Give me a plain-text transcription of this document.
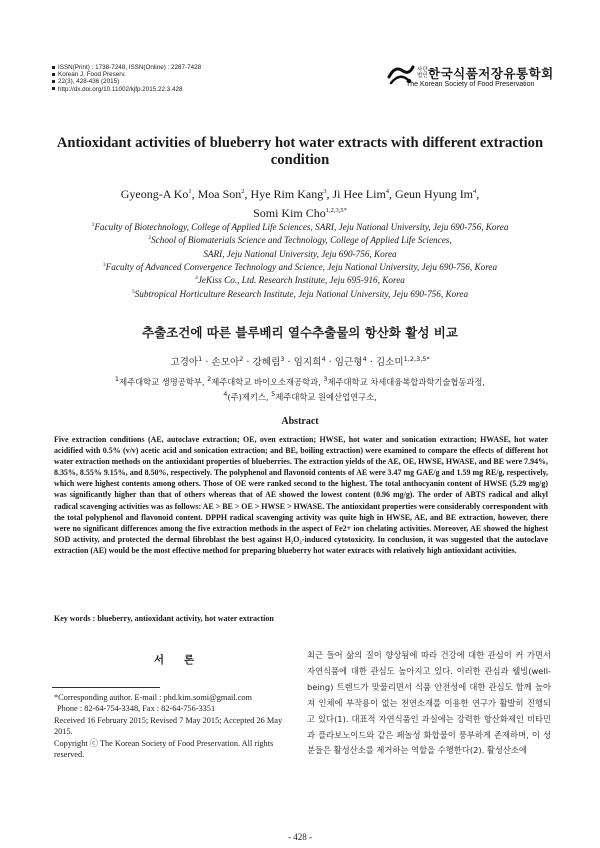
ISSN(Print) : 1738-7248, ISSN(Online) : 2287-7428
Korean J. Food Preserv.
22(3), 428-436 (2015)
http://dx.doi.org/10.11002/kjfp.2015.22.3.428
사단 법인 한국식품저장유통학회
The Korean Society of Food Preservation
Antioxidant activities of blueberry hot water extracts with different extraction condition
Gyeong-A Ko$^1$, Moa Son$^2$, Hye Rim Kang$^3$, Ji Hee Lim$^4$, Geun Hyung Im$^4$,
Somi Kim Cho$^{1,2,3,5*}$
$^1$Faculty of Biotechnology, College of Applied Life Sciences, SARI, Jeju National University, Jeju 690-756, Korea
$^2$School of Biomaterials Science and Technology, College of Applied Life Sciences,
SARI, Jeju National University, Jeju 690-756, Korea
$^3$Faculty of Advanced Convergence Technology and Science, Jeju National University, Jeju 690-756, Korea
$^4$JeKiss Co., Ltd. Research Institute, Jeju 695-916, Korea
$^5$Subtropical Horticulture Research Institute, Jeju National University, Jeju 690-756, Korea
추출조건에 따른 블루베리 열수추출물의 항산화 활성 비교
고경아$^1$ · 손모아$^2$ · 강혜림$^3$ · 임지희$^4$ · 임근형$^4$ · 김소미$^{1,2,3,5*}$
$^1$제주대학교 생명공학부, $^2$제주대학교 바이오소재공학과, $^3$제주대학교 차세대융복합과학기술협동과정,
$^4$(주)제키스, $^5$제주대학교 원예산업연구소,
Abstract

Five extraction conditions (AE, autoclave extraction; OE, oven extraction; HWSE, hot water and sonication extraction; HWASE, hot water acidified with 0.5% (v/v) acetic acid and sonication extraction; and BE, boiling extraction) were examined to compare the effects of different hot water extraction methods on the antioxidant properties of blueberries. The extraction yields of the AE, OE, HWSE, HWASE, and BE were 7.94%, 8.35%, 8.55% 9.15%, and 8.50%, respectively. The polyphenol and flavonoid contents of AE were 3.47 mg GAE/g and 1.59 mg RE/g, respectively, which were highest contents among others. Those of OE were ranked second to the highest. The total anthocyanin content of HWSE (5.29 mg/g) was significantly higher than that of others whereas that of AE showed the lowest content (0.96 mg/g). The order of ABTS radical and alkyl radical scavenging activities was as follows: AE > BE > OE > HWSE > HWASE. The antioxidant properties were considerably correspondent with the total polyphenol and flavonoid content. DPPH radical scavenging activity was quite high in HWSE, AE, and BE extraction, however, there were no significant differences among the five extraction methods in the aspect of Fe2+ ion chelating activities. Moreover, AE showed the highest SOD activity, and protected the dermal fibroblast the best against H₂O₂-induced cytotoxicity. In conclusion, it was suggested that the autoclave extraction (AE) would be the most effective method for preparing blueberry hot water extracts with relatively high antioxidant activities.

Key words : blueberry, antioxidant activity, hot water extraction
서론
*Corresponding author. E-mail : phd.kim.somi@gmail.com
Phone : 82-64-754-3348, Fax : 82-64-756-3351
Received 16 February 2015; Revised 7 May 2015; Accepted 26 May 2015.
Copyright ⓒ The Korean Society of Food Preservation. All rights reserved.

최근 들어 삶의 질이 향상됨에 따라 건강에 대한 관심이 커 가면서 자연식품에 대한 관심도 높아지고 있다. 이러한 관심과 웰빙(well-being) 트렌드가 맞물리면서 식품 안전성에 대한 관심도 함께 높아져 인체에 부작용이 없는 천연소재를 이용한 연구가 활발히 진행되고 있다(1). 대표적 자연식품인 과실에는 강력한 항산화제인 비타민과 플라보노이드와 같은 페놀성 화합물이 풍부하게 존재하며, 이 성분들은 활성산소를 제거하는 역할을 수행한다(2). 활성산소에

- 428 -
